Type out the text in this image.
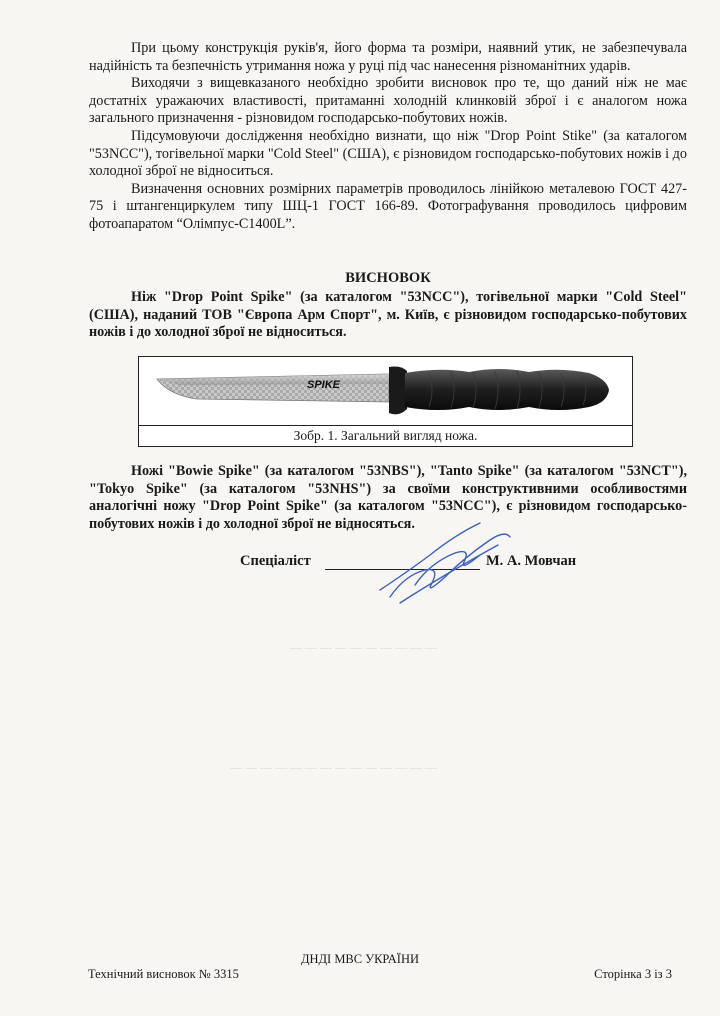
При цьому конструкція руків'я, його форма та розміри, наявний утик, не забезпечувала надійність та безпечність утримання ножа у руці під час нанесення різноманітних ударів.

Виходячи з вищевказаного необхідно зробити висновок про те, що даний ніж не має достатніх уражаючих властивості, притаманні холодній клинковій зброї і є аналогом ножа загального призначення - різновидом господарсько-побутових ножів.

Підсумовуючи дослідження необхідно визнати, що ніж "Drop Point Stike" (за каталогом "53NCC"), тогівельної марки "Cold Steel" (США), є різновидом господарсько-побутових ножів і до холодної зброї не відноситься.

Визначення основних розмірних параметрів проводилось лінійкою металевою ГОСТ 427-75 і штангенциркулем типу ШЦ-1 ГОСТ 166-89. Фотографування проводилось цифровим фотоапаратом “Олімпус-С1400L”.

ВИСНОВОК

Ніж "Drop Point Spike" (за каталогом "53NCC"), тогівельної марки "Cold Steel" (США), наданий ТОВ "Європа Арм Спорт", м. Київ, є різновидом господарсько-побутових ножів і до холодної зброї не відноситься.

SPIKE
Зобр. 1. Загальний вигляд ножа.

Ножі "Bowie Spike" (за каталогом "53NBS"), "Tanto Spike" (за каталогом "53NCT"), "Tokyo Spike" (за каталогом "53NHS") за своїми конструктивними особливостями аналогічні ножу "Drop Point Spike" (за каталогом "53NCC"), є різновидом господарсько-побутових ножів і до холодної зброї не відносяться.

Спеціаліст	М. А. Мовчан
— — — — — — — — — —
— — — — — — — — — — — — — —
ДНДІ МВС УКРАЇНИ
Технічний висновок № 3315	Сторінка 3 із 3
